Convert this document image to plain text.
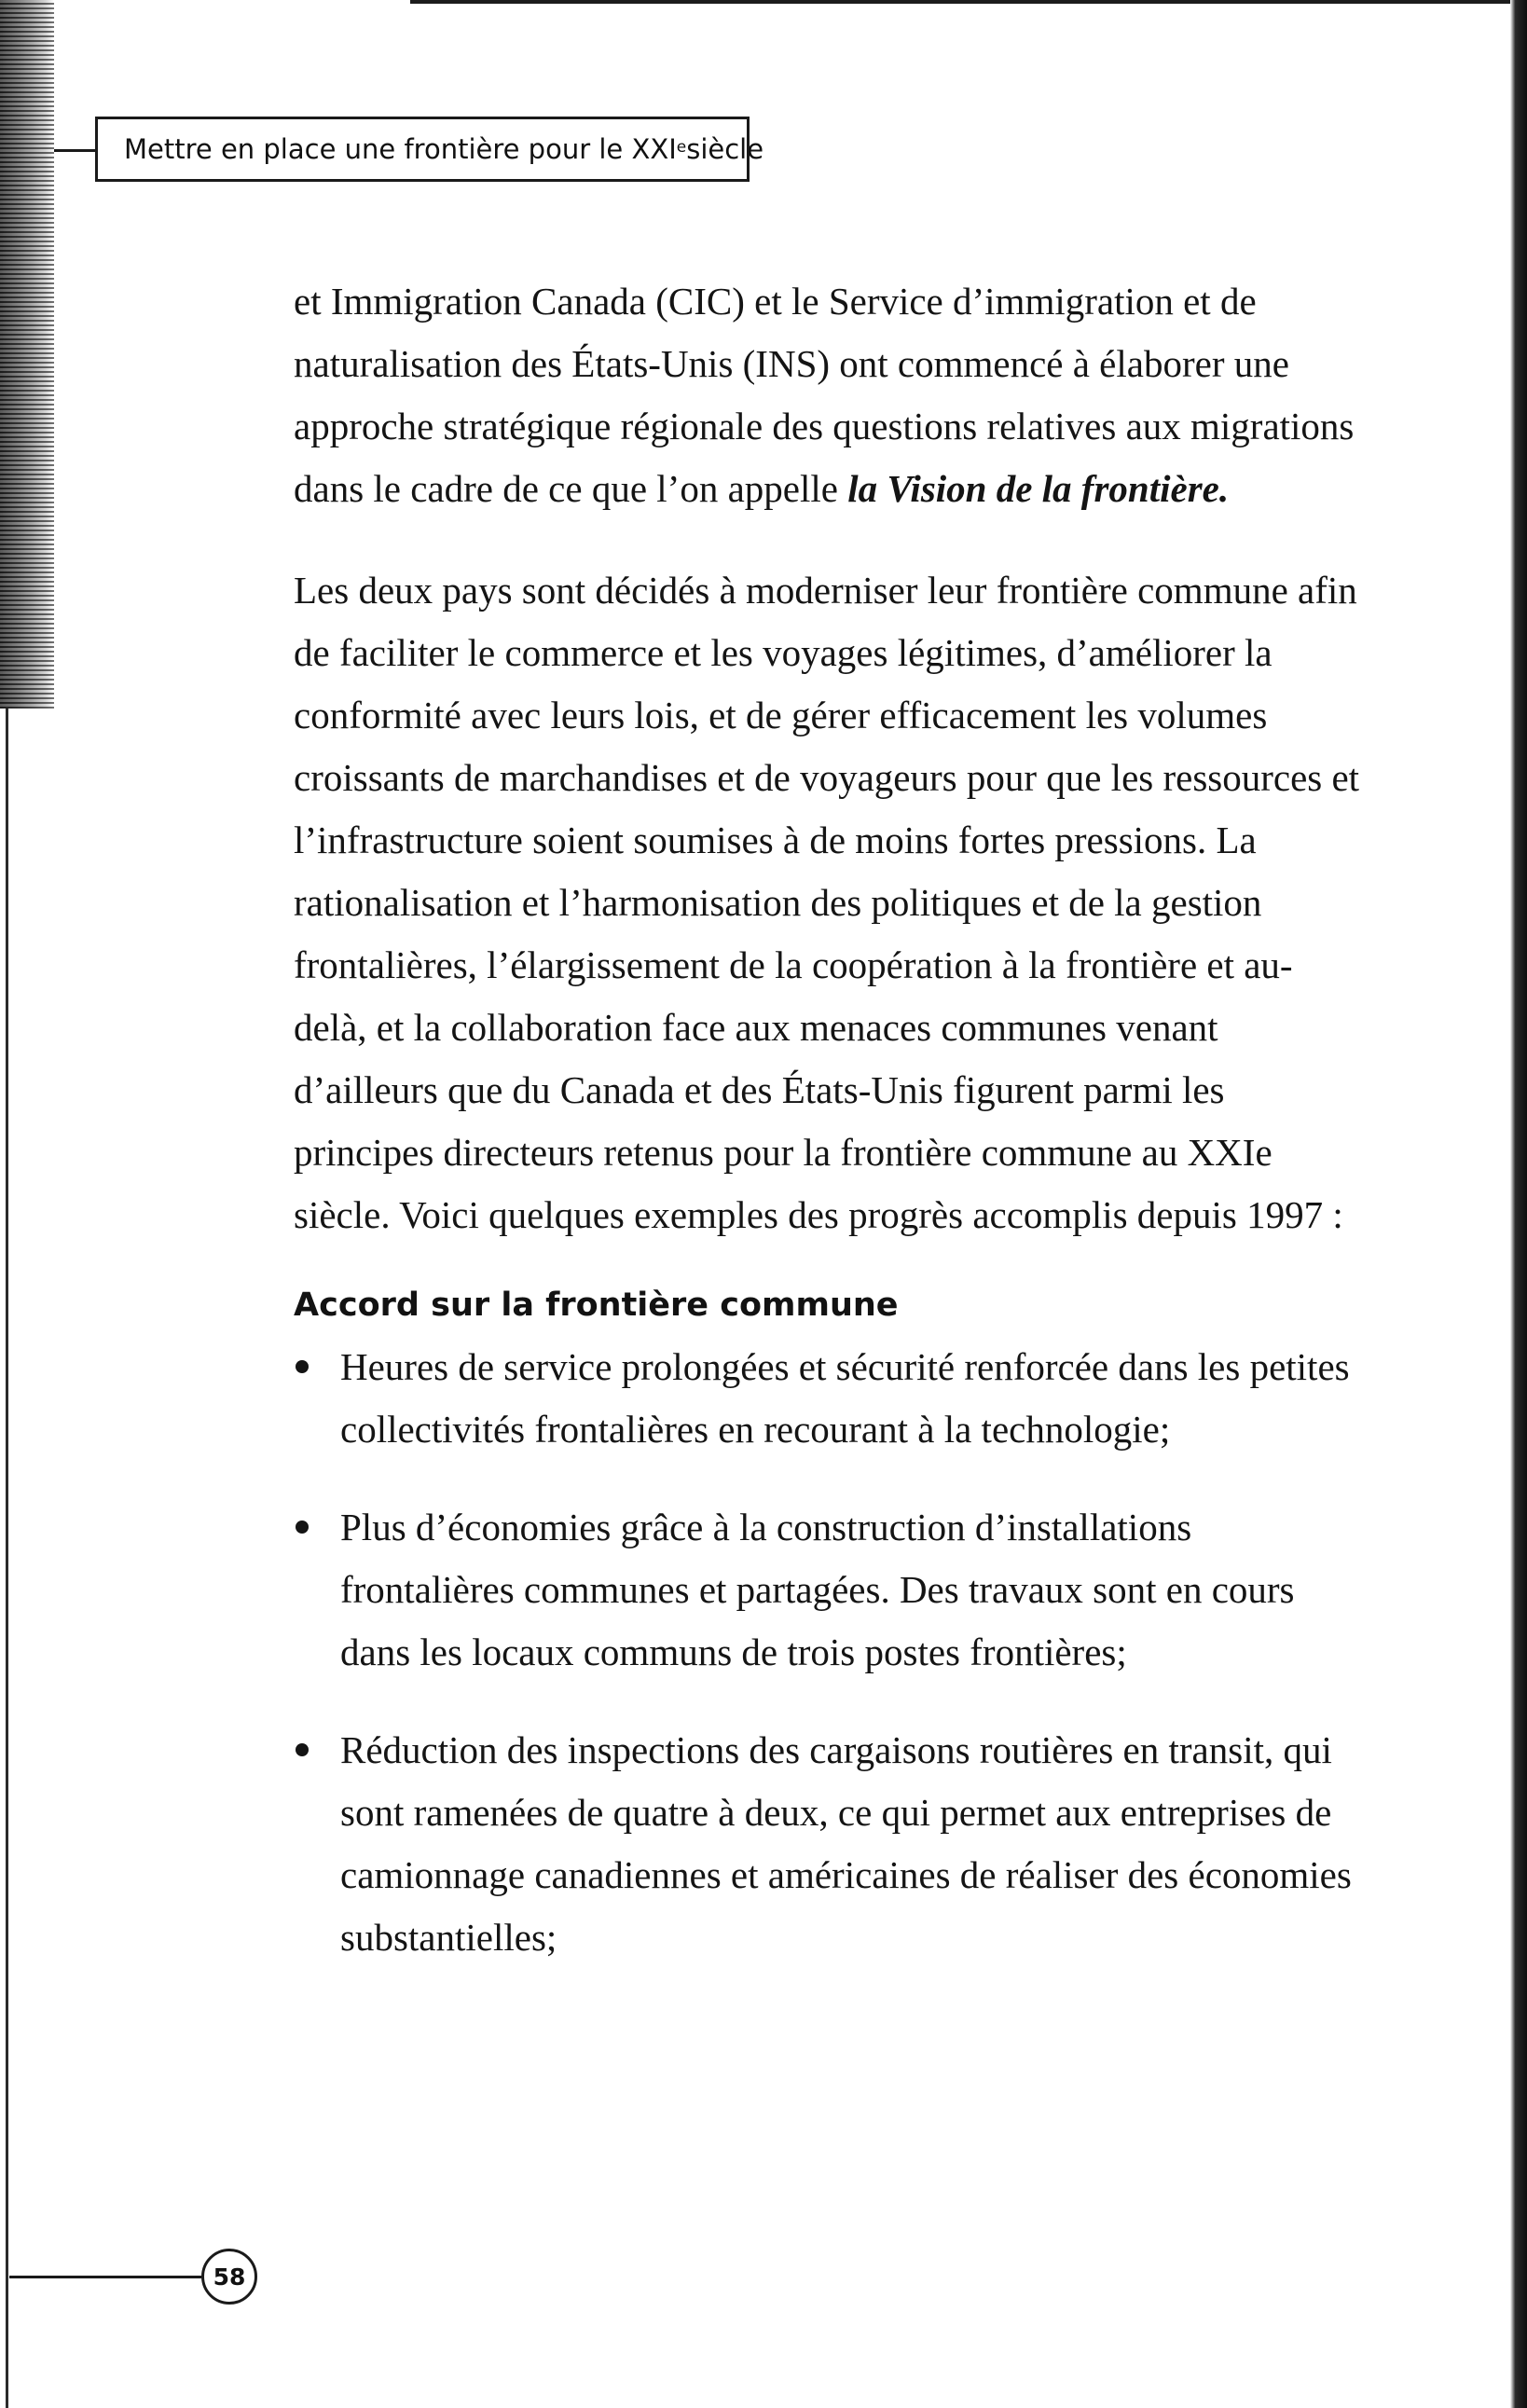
Mettre en place une frontière pour le XXIe siècle

et Immigration Canada (CIC) et le Service d’immigration et de naturalisation des États-Unis (INS) ont commencé à élaborer une approche stratégique régionale des questions relatives aux migrations dans le cadre de ce que l’on appelle la Vision de la frontière.

Les deux pays sont décidés à moderniser leur frontière commune afin de faciliter le commerce et les voyages légitimes, d’améliorer la conformité avec leurs lois, et de gérer efficacement les volumes croissants de marchandises et de voyageurs pour que les ressources et l’infrastructure soient soumises à de moins fortes pressions. La rationalisation et l’harmonisation des politiques et de la gestion frontalières, l’élargissement de la coopération à la frontière et au-delà, et la collaboration face aux menaces communes venant d’ailleurs que du Canada et des États-Unis figurent parmi les principes directeurs retenus pour la frontière commune au XXIe siècle. Voici quelques exemples des progrès accomplis depuis 1997 :

Accord sur la frontière commune
Heures de service prolongées et sécurité renforcée dans les petites collectivités frontalières en recourant à la technologie;
Plus d’économies grâce à la construction d’installations frontalières communes et partagées. Des travaux sont en cours dans les locaux communs de trois postes frontières;
Réduction des inspections des cargaisons routières en transit, qui sont ramenées de quatre à deux, ce qui permet aux entreprises de camionnage canadiennes et américaines de réaliser des économies substantielles;
58
